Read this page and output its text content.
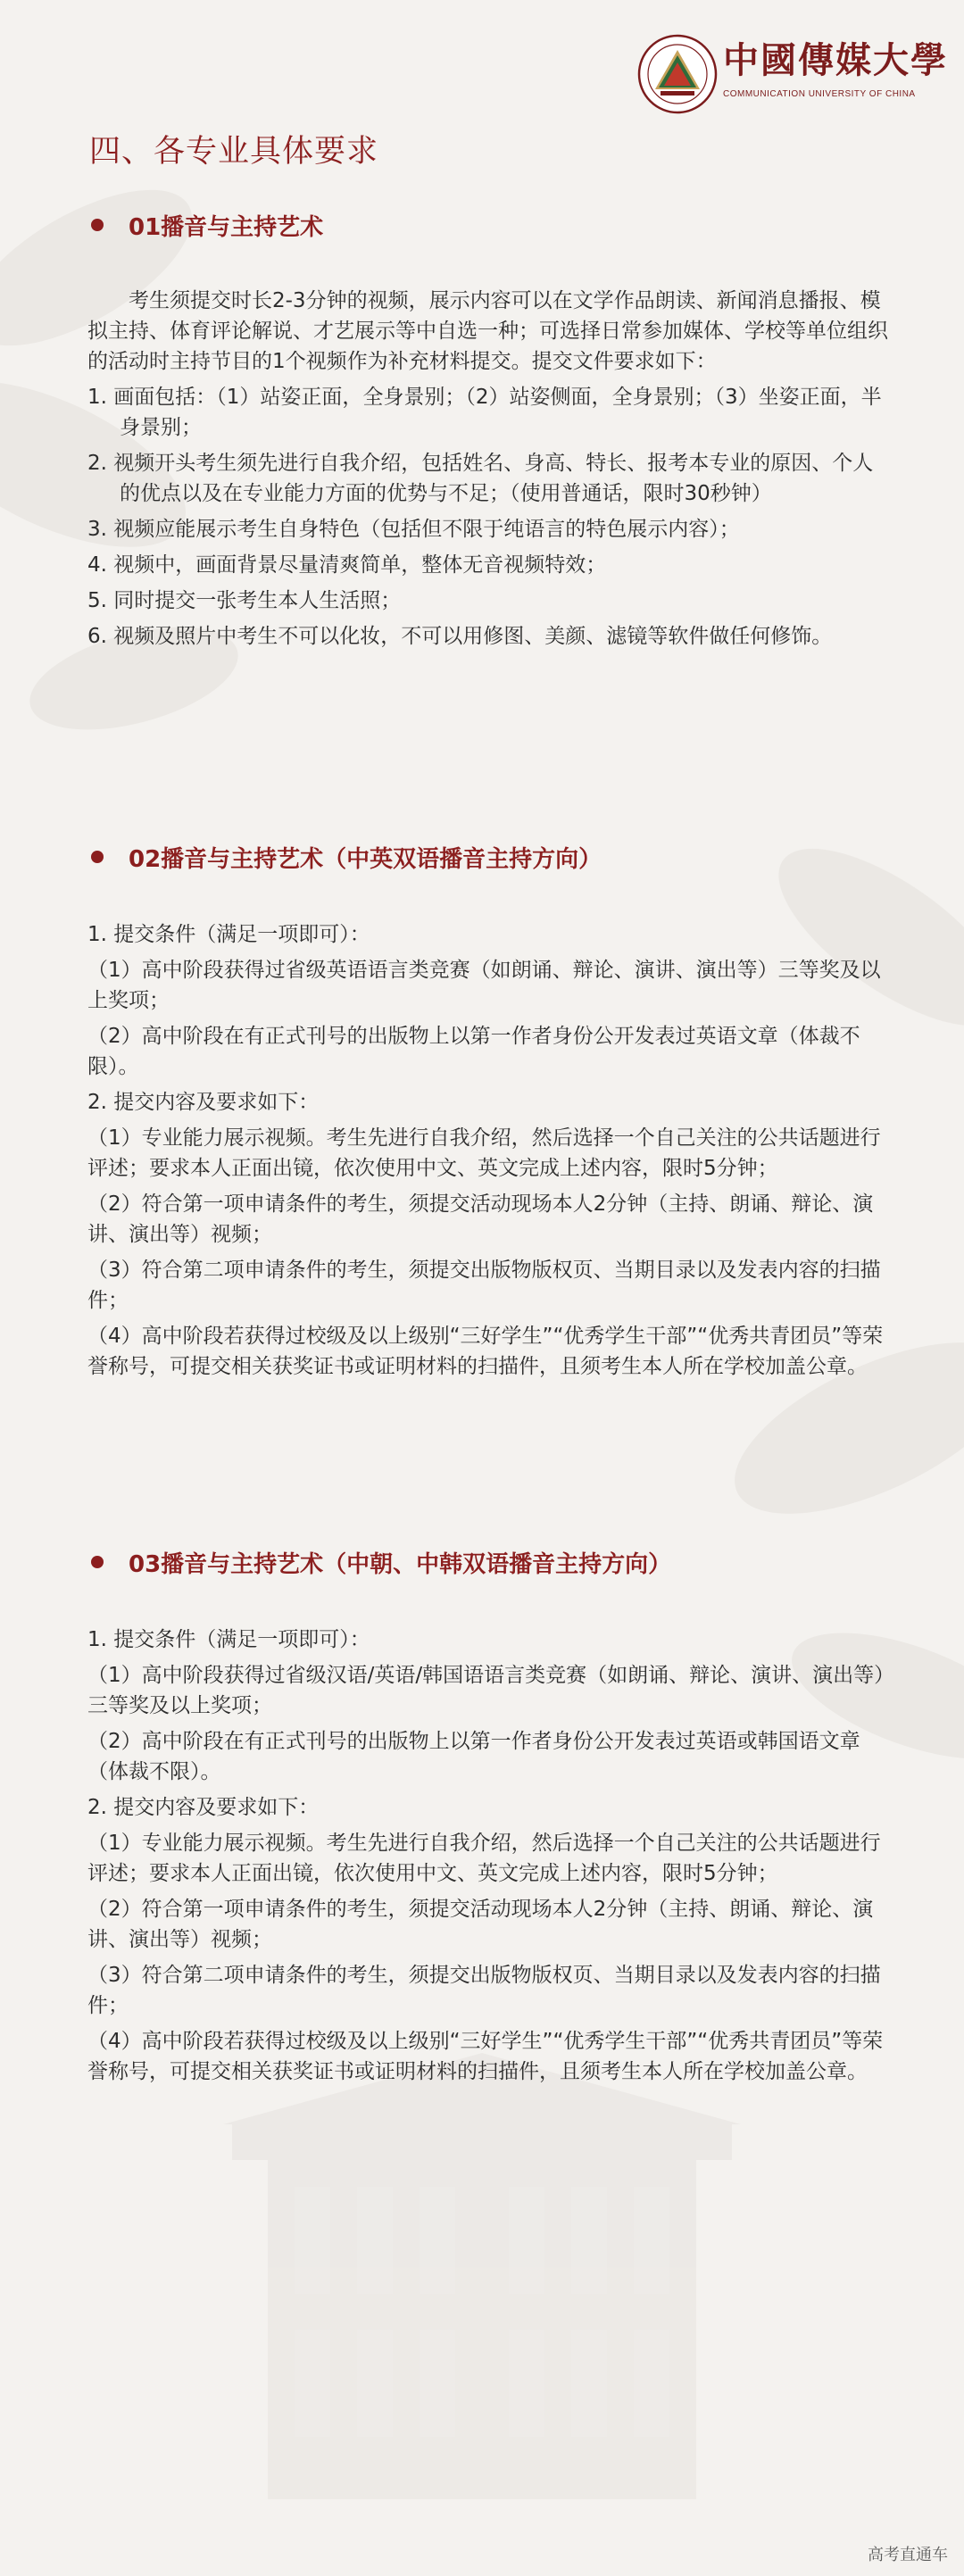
中國傳媒大學
COMMUNICATION UNIVERSITY OF CHINA
四、各专业具体要求
01播音与主持艺术

考生须提交时长2-3分钟的视频，展示内容可以在文学作品朗读、新闻消息播报、模拟主持、体育评论解说、才艺展示等中自选一种；可选择日常参加媒体、学校等单位组织的活动时主持节目的1个视频作为补充材料提交。提交文件要求如下：

1. 画面包括：（1）站姿正面，全身景别；（2）站姿侧面，全身景别；（3）坐姿正面，半身景别；

2. 视频开头考生须先进行自我介绍，包括姓名、身高、特长、报考本专业的原因、个人的优点以及在专业能力方面的优势与不足；（使用普通话，限时30秒钟）

3. 视频应能展示考生自身特色（包括但不限于纯语言的特色展示内容）；

4. 视频中，画面背景尽量清爽简单，整体无音视频特效；

5. 同时提交一张考生本人生活照；

6. 视频及照片中考生不可以化妆，不可以用修图、美颜、滤镜等软件做任何修饰。

02播音与主持艺术（中英双语播音主持方向）

1. 提交条件（满足一项即可）：

（1）高中阶段获得过省级英语语言类竞赛（如朗诵、辩论、演讲、演出等）三等奖及以上奖项；

（2）高中阶段在有正式刊号的出版物上以第一作者身份公开发表过英语文章（体裁不限）。

2. 提交内容及要求如下：

（1）专业能力展示视频。考生先进行自我介绍，然后选择一个自己关注的公共话题进行评述；要求本人正面出镜，依次使用中文、英文完成上述内容，限时5分钟；

（2）符合第一项申请条件的考生，须提交活动现场本人2分钟（主持、朗诵、辩论、演讲、演出等）视频；

（3）符合第二项申请条件的考生，须提交出版物版权页、当期目录以及发表内容的扫描件；

（4）高中阶段若获得过校级及以上级别“三好学生”“优秀学生干部”“优秀共青团员”等荣誉称号，可提交相关获奖证书或证明材料的扫描件，且须考生本人所在学校加盖公章。

03播音与主持艺术（中朝、中韩双语播音主持方向）

1. 提交条件（满足一项即可）：

（1）高中阶段获得过省级汉语/英语/韩国语语言类竞赛（如朗诵、辩论、演讲、演出等）三等奖及以上奖项；

（2）高中阶段在有正式刊号的出版物上以第一作者身份公开发表过英语或韩国语文章（体裁不限）。

2. 提交内容及要求如下：

（1）专业能力展示视频。考生先进行自我介绍，然后选择一个自己关注的公共话题进行评述；要求本人正面出镜，依次使用中文、英文完成上述内容，限时5分钟；

（2）符合第一项申请条件的考生，须提交活动现场本人2分钟（主持、朗诵、辩论、演讲、演出等）视频；

（3）符合第二项申请条件的考生，须提交出版物版权页、当期目录以及发表内容的扫描件；

（4）高中阶段若获得过校级及以上级别“三好学生”“优秀学生干部”“优秀共青团员”等荣誉称号，可提交相关获奖证书或证明材料的扫描件，且须考生本人所在学校加盖公章。

高考直通车
